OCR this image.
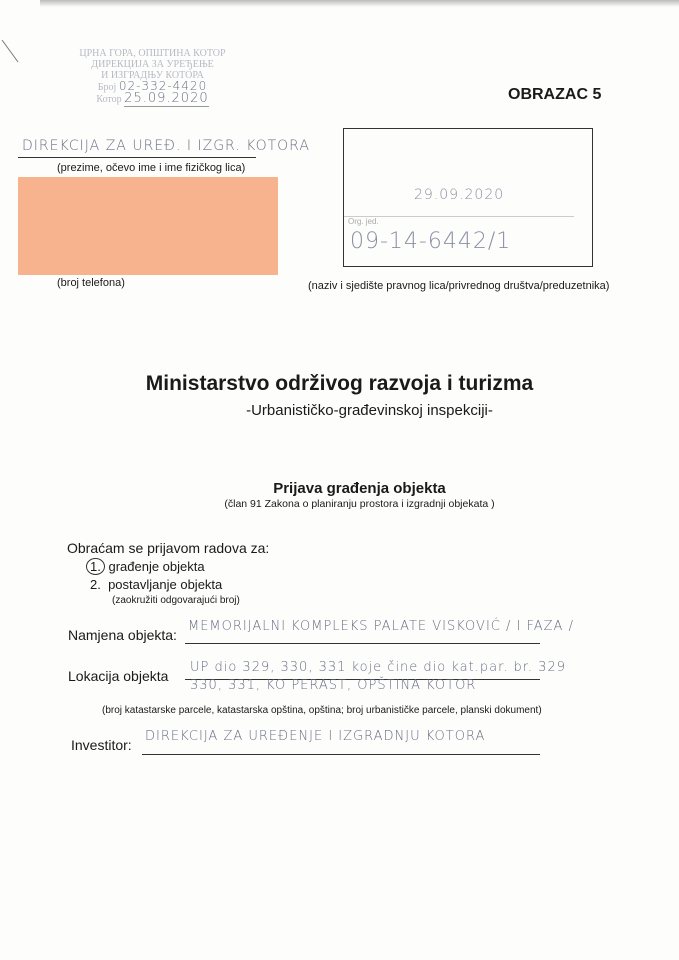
ЦРНА ГОРА, ОПШТИНА КОТОР
ДИРЕКЦИЈА ЗА УРЕЂЕЊЕ
И ИЗГРАДЊУ КОТОРА
Број 02-332-4420
Котор 25.09.2020	OBRAZAC 5
DIREKCIJA ZA UREĐ. I IZGR. KOTORA
(prezime, očevo ime i ime fizičkog lica)
(broj telefona)
29.09.2020
Org. jed.
09-14-6442/1
(naziv i sjedište pravnog lica/privrednog društva/preduzetnika)
Ministarstvo održivog razvoja i turizma
-Urbanističko-građevinskoj inspekciji-
Prijava građenja objekta
(član 91 Zakona o planiranju prostora i izgradnji objekata )
Obraćam se prijavom radova za:
1. građenje objekta
2. postavljanje objekta
(zaokružiti odgovarajući broj)
Namjena objekta:
MEMORIJALNI KOMPLEKS PALATE VISKOVIĆ / I FAZA /
Lokacija objekta
UP dio 329, 330, 331 koje čine dio kat.par. br. 329
330, 331, KO PERAST, OPŠTINA KOTOR
(broj katastarske parcele, katastarska opština, opština; broj urbanističke parcele, planski dokument)
Investitor:
DIREKCIJA ZA UREĐENJE I IZGRADNJU KOTORA
